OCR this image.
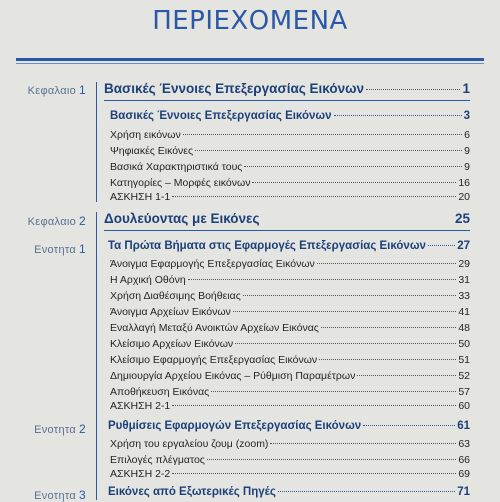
ΠΕΡΙΕΧΟΜΕΝΑ
Κεφαλαιο 1 Βασικές Έννοιες Επεξεργασίας Εικόνων	1
Βασικές Έννοιες Επεξεργασίας Εικόνων	3
Χρήση εικόνων	6
Ψηφιακές Εικόνες	9
Βασικά Χαρακτηριστικά τους	9
Κατηγορίες – Μορφές εικόνων	16
ΑΣΚΗΣΗ 1-1	20
Κεφαλαιο 2 Δουλεύοντας με Εικόνες	25
Ενοτητα 1 Τα Πρώτα Βήματα στις Εφαρμογές Επεξεργασίας Εικόνων	27
Άνοιγμα Εφαρμογής Επεξεργασίας Εικόνων	29
Η Αρχική Οθόνη	31
Χρήση Διαθέσιμης Βοήθειας	33
Άνοιγμα Αρχείων Εικόνων	41
Εναλλαγή Μεταξύ Ανοικτών Αρχείων Εικόνας	48
Κλείσιμο Αρχείων Εικόνων	50
Κλείσιμο Εφαρμογής Επεξεργασίας Εικόνων	51
Δημιουργία Αρχείου Εικόνας – Ρύθμιση Παραμέτρων	52
Αποθήκευση Εικόνας	57
ΑΣΚΗΣΗ 2-1	60
Ενοτητα 2 Ρυθμίσεις Εφαρμογών Επεξεργασίας Εικόνων	61
Χρήση του εργαλείου ζουμ (zoom)	63
Επιλογές πλέγματος	66
ΑΣΚΗΣΗ 2-2	69
Ενοτητα 3 Εικόνες από Εξωτερικές Πηγές	71
